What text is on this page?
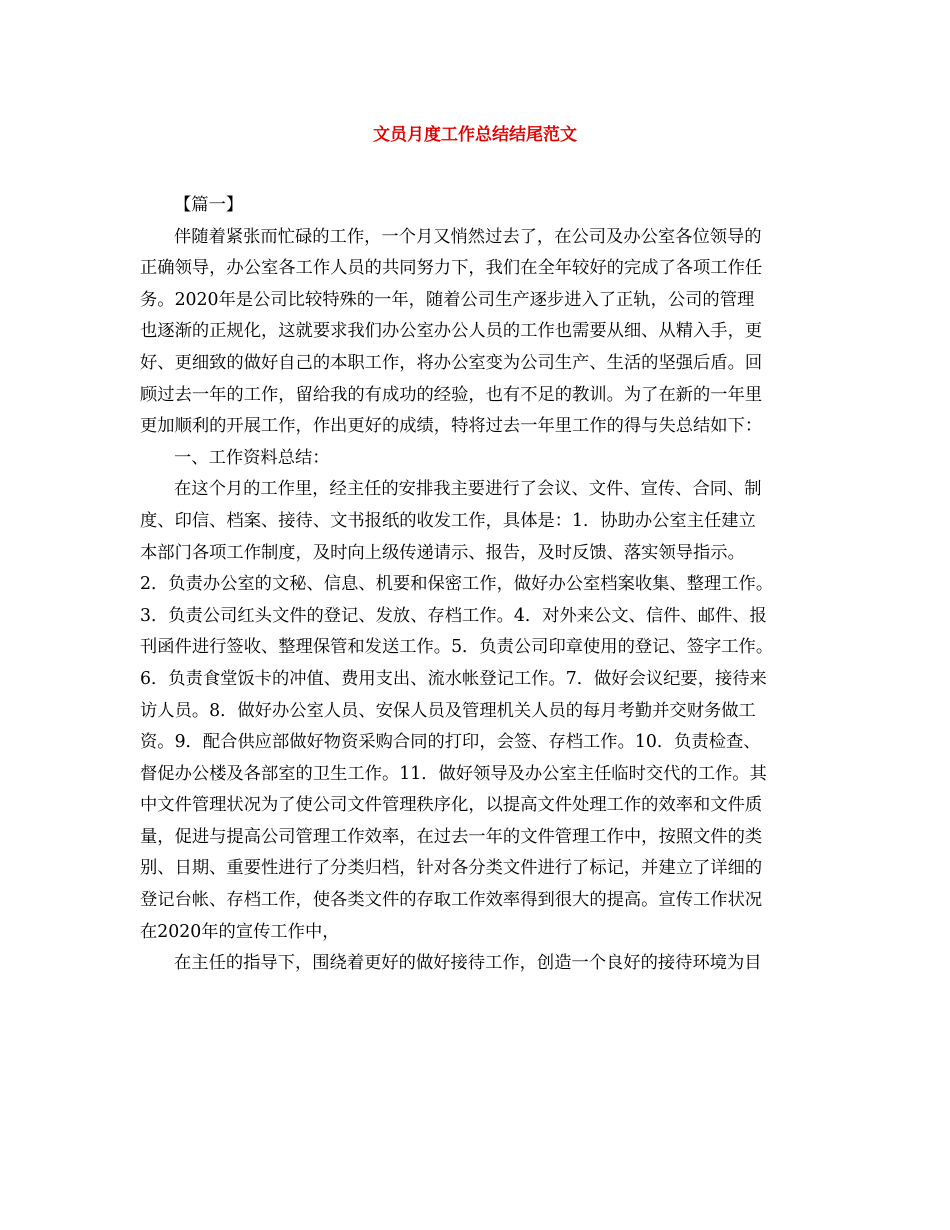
文员月度工作总结结尾范文
【篇一】
伴随着紧张而忙碌的工作，一个月又悄然过去了，在公司及办公室各位领导的
正确领导，办公室各工作人员的共同努力下，我们在全年较好的完成了各项工作任
务。2020年是公司比较特殊的一年，随着公司生产逐步进入了正轨，公司的管理
也逐渐的正规化，这就要求我们办公室办公人员的工作也需要从细、从精入手，更
好、更细致的做好自己的本职工作，将办公室变为公司生产、生活的坚强后盾。回
顾过去一年的工作，留给我的有成功的经验，也有不足的教训。为了在新的一年里
更加顺利的开展工作，作出更好的成绩，特将过去一年里工作的得与失总结如下：
一、工作资料总结：
在这个月的工作里，经主任的安排我主要进行了会议、文件、宣传、合同、制
度、印信、档案、接待、文书报纸的收发工作，具体是：1．协助办公室主任建立
本部门各项工作制度，及时向上级传递请示、报告，及时反馈、落实领导指示。
2．负责办公室的文秘、信息、机要和保密工作，做好办公室档案收集、整理工作。
3．负责公司红头文件的登记、发放、存档工作。4．对外来公文、信件、邮件、报
刊函件进行签收、整理保管和发送工作。5．负责公司印章使用的登记、签字工作。
6．负责食堂饭卡的冲值、费用支出、流水帐登记工作。7．做好会议纪要，接待来
访人员。8．做好办公室人员、安保人员及管理机关人员的每月考勤并交财务做工
资。9．配合供应部做好物资采购合同的打印，会签、存档工作。10．负责检查、
督促办公楼及各部室的卫生工作。11．做好领导及办公室主任临时交代的工作。其
中文件管理状况为了使公司文件管理秩序化，以提高文件处理工作的效率和文件质
量，促进与提高公司管理工作效率，在过去一年的文件管理工作中，按照文件的类
别、日期、重要性进行了分类归档，针对各分类文件进行了标记，并建立了详细的
登记台帐、存档工作，使各类文件的存取工作效率得到很大的提高。宣传工作状况
在2020年的宣传工作中，
在主任的指导下，围绕着更好的做好接待工作，创造一个良好的接待环境为目
